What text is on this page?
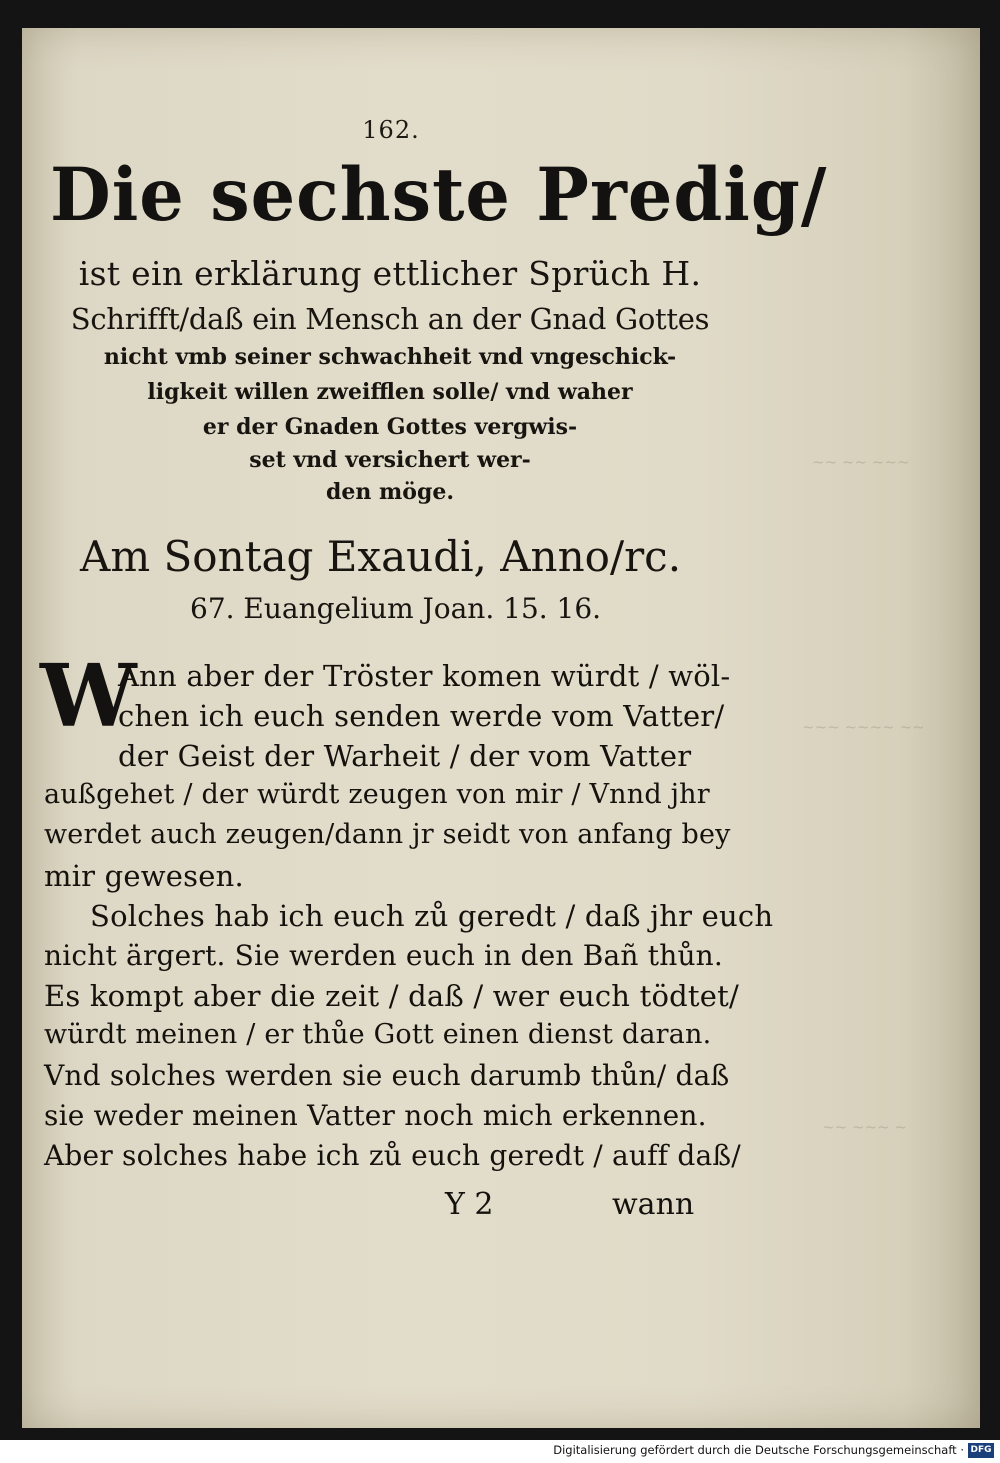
~~ ~~ ~~~
~~~ ~~~~ ~~
~~ ~~~ ~
162.
Die sechste Predig/
ist ein erklärung ettlicher Sprüch H.
Schrifft/daß ein Mensch an der Gnad Gottes
nicht vmb seiner schwachheit vnd vngeschick-
ligkeit willen zweifflen solle/ vnd waher
er der Gnaden Gottes vergwis-
set vnd versichert wer-
den möge.
Am Sontag Exaudi, Anno/rc.
67. Euangelium Joan. 15. 16.
W
Ann aber der Tröster komen würdt / wöl-
chen ich euch senden werde vom Vatter/
der Geist der Warheit / der vom Vatter
außgehet / der würdt zeugen von mir / Vnnd jhr
werdet auch zeugen/dann jr seidt von anfang bey
mir gewesen.
Solches hab ich euch zů geredt / daß jhr euch
nicht ärgert. Sie werden euch in den Bañ thůn.
Es kompt aber die zeit / daß / wer euch tödtet/
würdt meinen / er thůe Gott einen dienst daran.
Vnd solches werden sie euch darumb thůn/ daß
sie weder meinen Vatter noch mich erkennen.
Aber solches habe ich zů euch geredt / auff daß/
Y 2	wann
Digitalisierung gefördert durch die Deutsche Forschungsgemeinschaft · DFG
